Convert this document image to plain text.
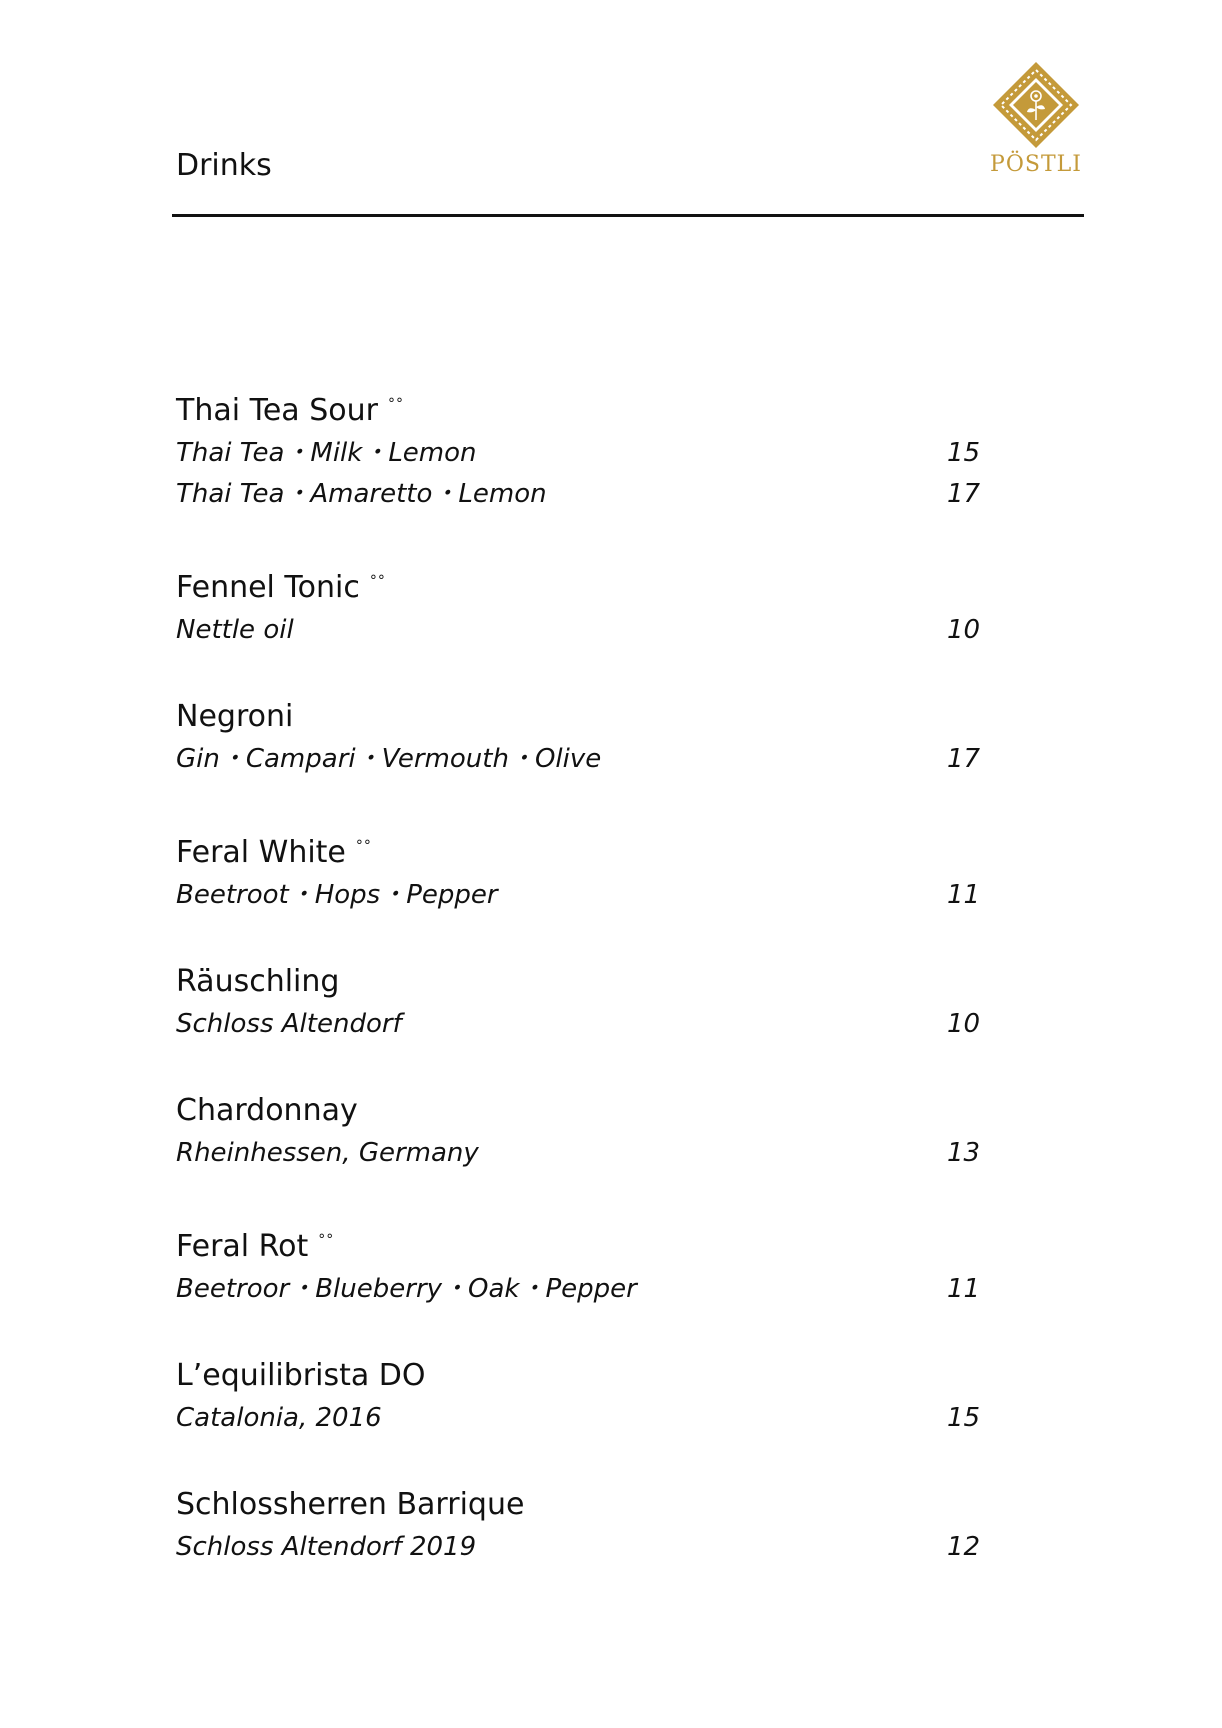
Drinks	PÖSTLI
Thai Tea Sour °°
Thai Tea・Milk・Lemon	15
Thai Tea・Amaretto・Lemon	17
Fennel Tonic °°
Nettle oil	10
Negroni
Gin・Campari・Vermouth・Olive	17
Feral White °°
Beetroot・Hops・Pepper	11
Räuschling
Schloss Altendorf	10
Chardonnay
Rheinhessen, Germany	13
Feral Rot °°
Beetroor・Blueberry・Oak・Pepper	11
L’equilibrista DO
Catalonia, 2016	15
Schlossherren Barrique
Schloss Altendorf 2019	12
